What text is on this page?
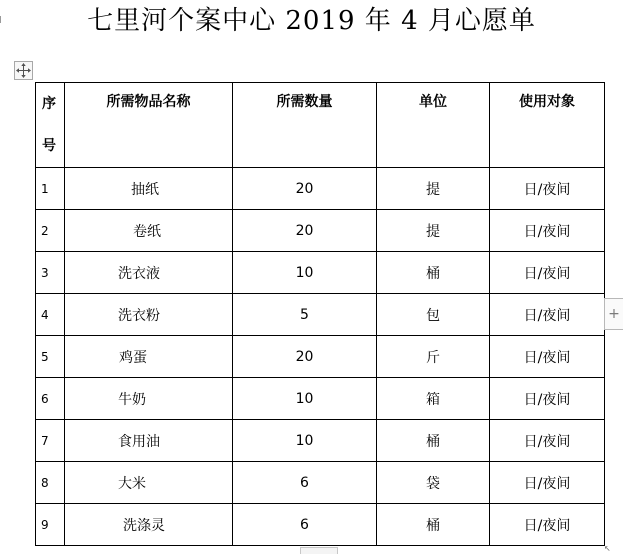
七里河个案中心 2019 年 4 月心愿单
序
号	所需物品名称	所需数量	单位	使用对象
1	抽纸	20	提	日/夜间
2	卷纸	20	提	日/夜间
3	洗衣液	10	桶	日/夜间
4	洗衣粉	5	包	日/夜间
5	鸡蛋	20	斤	日/夜间
6	牛奶	10	箱	日/夜间
7	食用油	10	桶	日/夜间
8	大米	6	袋	日/夜间
9	洗涤灵	6	桶	日/夜间
+
↖
